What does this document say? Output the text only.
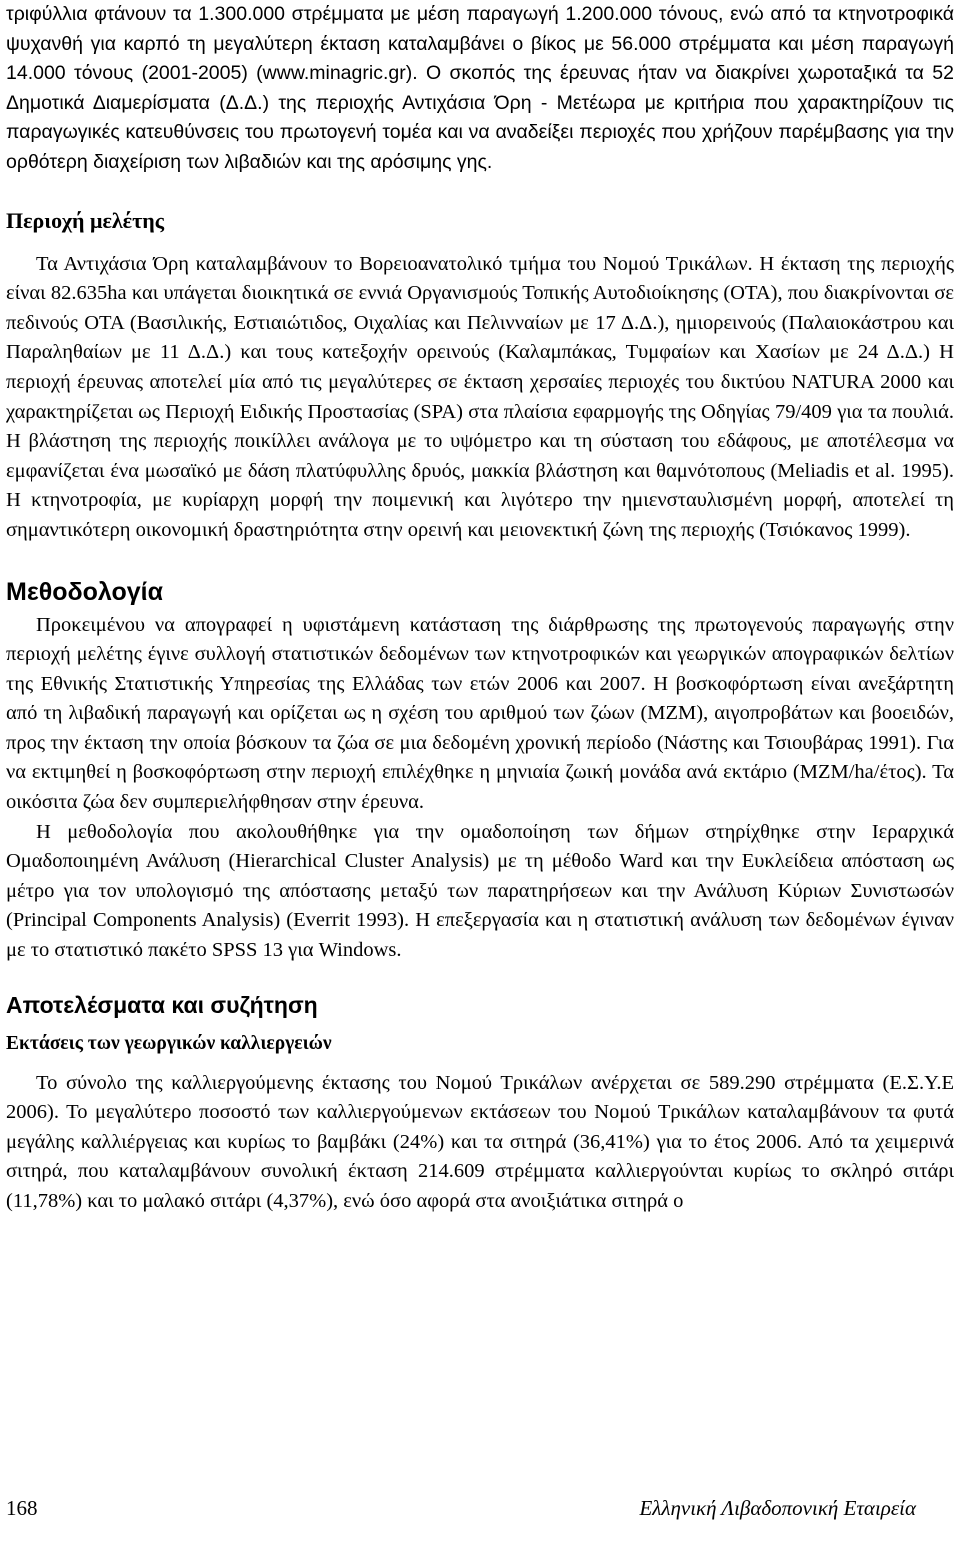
τριφύλλια φτάνουν τα 1.300.000 στρέμματα με μέση παραγωγή 1.200.000 τόνους, ενώ από τα κτηνοτροφικά ψυχανθή για καρπό τη μεγαλύτερη έκταση καταλαμβάνει ο βίκος με 56.000 στρέμματα και μέση παραγωγή 14.000 τόνους (2001-2005) (www.minagric.gr). Ο σκοπός της έρευνας ήταν να διακρίνει χωροταξικά τα 52 Δημοτικά Διαμερίσματα (Δ.Δ.) της περιοχής Αντιχάσια Όρη - Μετέωρα με κριτήρια που χαρακτηρίζουν τις παραγωγικές κατευθύνσεις του πρωτογενή τομέα και να αναδείξει περιοχές που χρήζουν παρέμβασης για την ορθότερη διαχείριση των λιβαδιών και της αρόσιμης γης.

Περιοχή μελέτης

Τα Αντιχάσια Όρη καταλαμβάνουν το Βορειοανατολικό τμήμα του Νομού Τρικάλων. Η έκταση της περιοχής είναι 82.635ha και υπάγεται διοικητικά σε εννιά Οργανισμούς Τοπικής Αυτοδιοίκησης (ΟΤΑ), που διακρίνονται σε πεδινούς ΟΤΑ (Βασιλικής, Εστιαιώτιδος, Οιχαλίας και Πελινναίων με 17 Δ.Δ.), ημιορεινούς (Παλαιοκάστρου και Παραληθαίων με 11 Δ.Δ.) και τους κατεξοχήν ορεινούς (Καλαμπάκας, Τυμφαίων και Χασίων με 24 Δ.Δ.) Η περιοχή έρευνας αποτελεί μία από τις μεγαλύτερες σε έκταση χερσαίες περιοχές του δικτύου NATURA 2000 και χαρακτηρίζεται ως Περιοχή Ειδικής Προστασίας (SPA) στα πλαίσια εφαρμογής της Οδηγίας 79/409 για τα πουλιά. Η βλάστηση της περιοχής ποικίλλει ανάλογα με το υψόμετρο και τη σύσταση του εδάφους, με αποτέλεσμα να εμφανίζεται ένα μωσαϊκό με δάση πλατύφυλλης δρυός, μακκία βλάστηση και θαμνότοπους (Meliadis et al. 1995). Η κτηνοτροφία, με κυρίαρχη μορφή την ποιμενική και λιγότερο την ημιενσταυλισμένη μορφή, αποτελεί τη σημαντικότερη οικονομική δραστηριότητα στην ορεινή και μειονεκτική ζώνη της περιοχής (Τσιόκανος 1999).

Μεθοδολογία

Προκειμένου να απογραφεί η υφιστάμενη κατάσταση της διάρθρωσης της πρωτογενούς παραγωγής στην περιοχή μελέτης έγινε συλλογή στατιστικών δεδομένων των κτηνοτροφικών και γεωργικών απογραφικών δελτίων της Εθνικής Στατιστικής Υπηρεσίας της Ελλάδας των ετών 2006 και 2007. Η βοσκοφόρτωση είναι ανεξάρτητη από τη λιβαδική παραγωγή και ορίζεται ως η σχέση του αριθμού των ζώων (ΜΖΜ), αιγοπροβάτων και βοοειδών, προς την έκταση την οποία βόσκουν τα ζώα σε μια δεδομένη χρονική περίοδο (Νάστης και Τσιουβάρας 1991). Για να εκτιμηθεί η βοσκοφόρτωση στην περιοχή επιλέχθηκε η μηνιαία ζωική μονάδα ανά εκτάριο (ΜΖΜ/ha/έτος). Τα οικόσιτα ζώα δεν συμπεριελήφθησαν στην έρευνα.

Η μεθοδολογία που ακολουθήθηκε για την ομαδοποίηση των δήμων στηρίχθηκε στην Ιεραρχικά Ομαδοποιημένη Ανάλυση (Hierarchical Cluster Analysis) με τη μέθοδο Ward και την Ευκλείδεια απόσταση ως μέτρο για τον υπολογισμό της απόστασης μεταξύ των παρατηρήσεων και την Ανάλυση Κύριων Συνιστωσών (Principal Components Analysis) (Everrit 1993). Η επεξεργασία και η στατιστική ανάλυση των δεδομένων έγιναν με το στατιστικό πακέτο SPSS 13 για Windows.

Αποτελέσματα και συζήτηση
Εκτάσεις των γεωργικών καλλιεργειών

Το σύνολο της καλλιεργούμενης έκτασης του Νομού Τρικάλων ανέρχεται σε 589.290 στρέμματα (Ε.Σ.Υ.Ε 2006). Το μεγαλύτερο ποσοστό των καλλιεργούμενων εκτάσεων του Νομού Τρικάλων καταλαμβάνουν τα φυτά μεγάλης καλλιέργειας και κυρίως το βαμβάκι (24%) και τα σιτηρά (36,41%) για το έτος 2006. Από τα χειμερινά σιτηρά, που καταλαμβάνουν συνολική έκταση 214.609 στρέμματα καλλιεργούνται κυρίως το σκληρό σιτάρι (11,78%) και το μαλακό σιτάρι (4,37%), ενώ όσο αφορά στα ανοιξιάτικα σιτηρά ο

168	Ελληνική Λιβαδοπονική Εταιρεία
